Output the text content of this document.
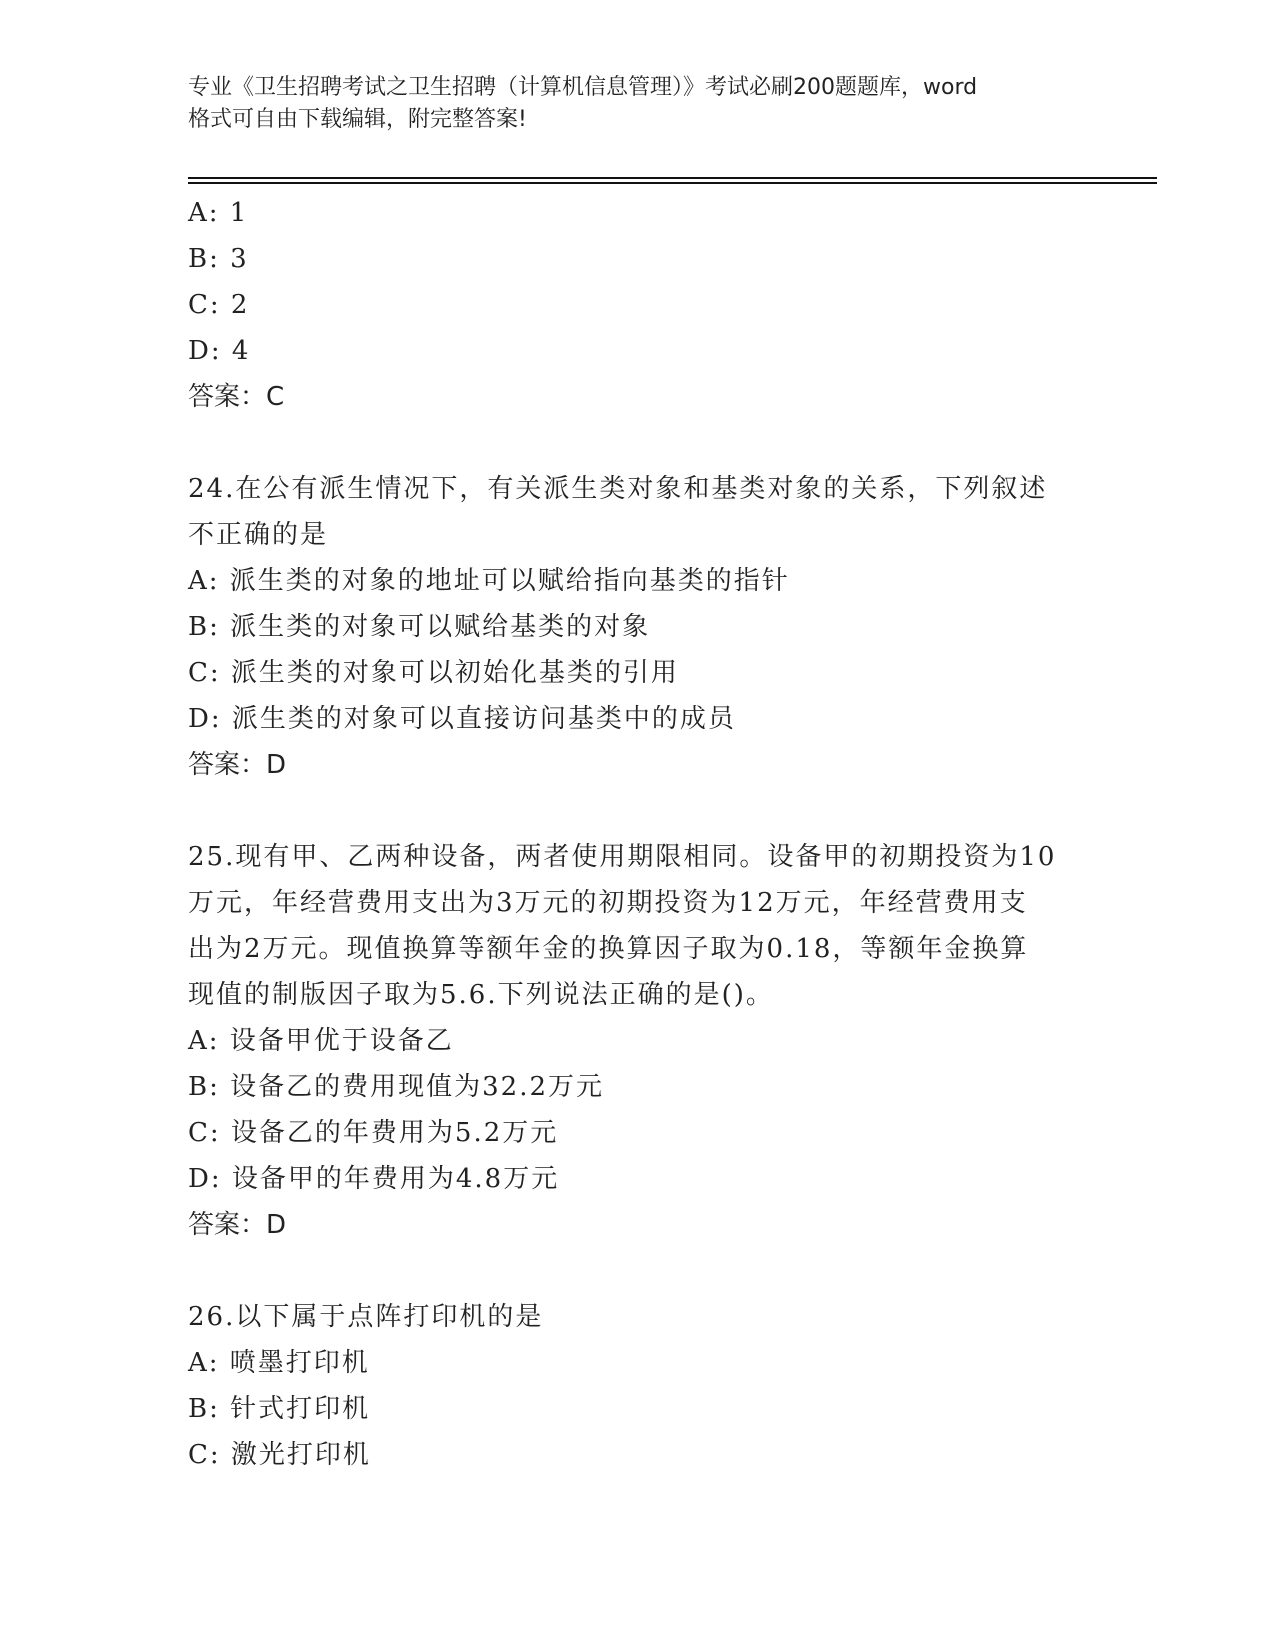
专业《卫生招聘考试之卫生招聘（计算机信息管理）》考试必刷200题题库，word
格式可自由下载编辑，附完整答案!
A: 1
B: 3
C: 2
D: 4
答案：C
24.在公有派生情况下，有关派生类对象和基类对象的关系，下列叙述
不正确的是
A: 派生类的对象的地址可以赋给指向基类的指针
B: 派生类的对象可以赋给基类的对象
C: 派生类的对象可以初始化基类的引用
D: 派生类的对象可以直接访问基类中的成员
答案：D
25.现有甲、乙两种设备，两者使用期限相同。设备甲的初期投资为10
万元，年经营费用支出为3万元的初期投资为12万元，年经营费用支
出为2万元。现值换算等额年金的换算因子取为0.18，等额年金换算
现值的制版因子取为5.6.下列说法正确的是()。
A: 设备甲优于设备乙
B: 设备乙的费用现值为32.2万元
C: 设备乙的年费用为5.2万元
D: 设备甲的年费用为4.8万元
答案：D
26.以下属于点阵打印机的是
A: 喷墨打印机
B: 针式打印机
C: 激光打印机
